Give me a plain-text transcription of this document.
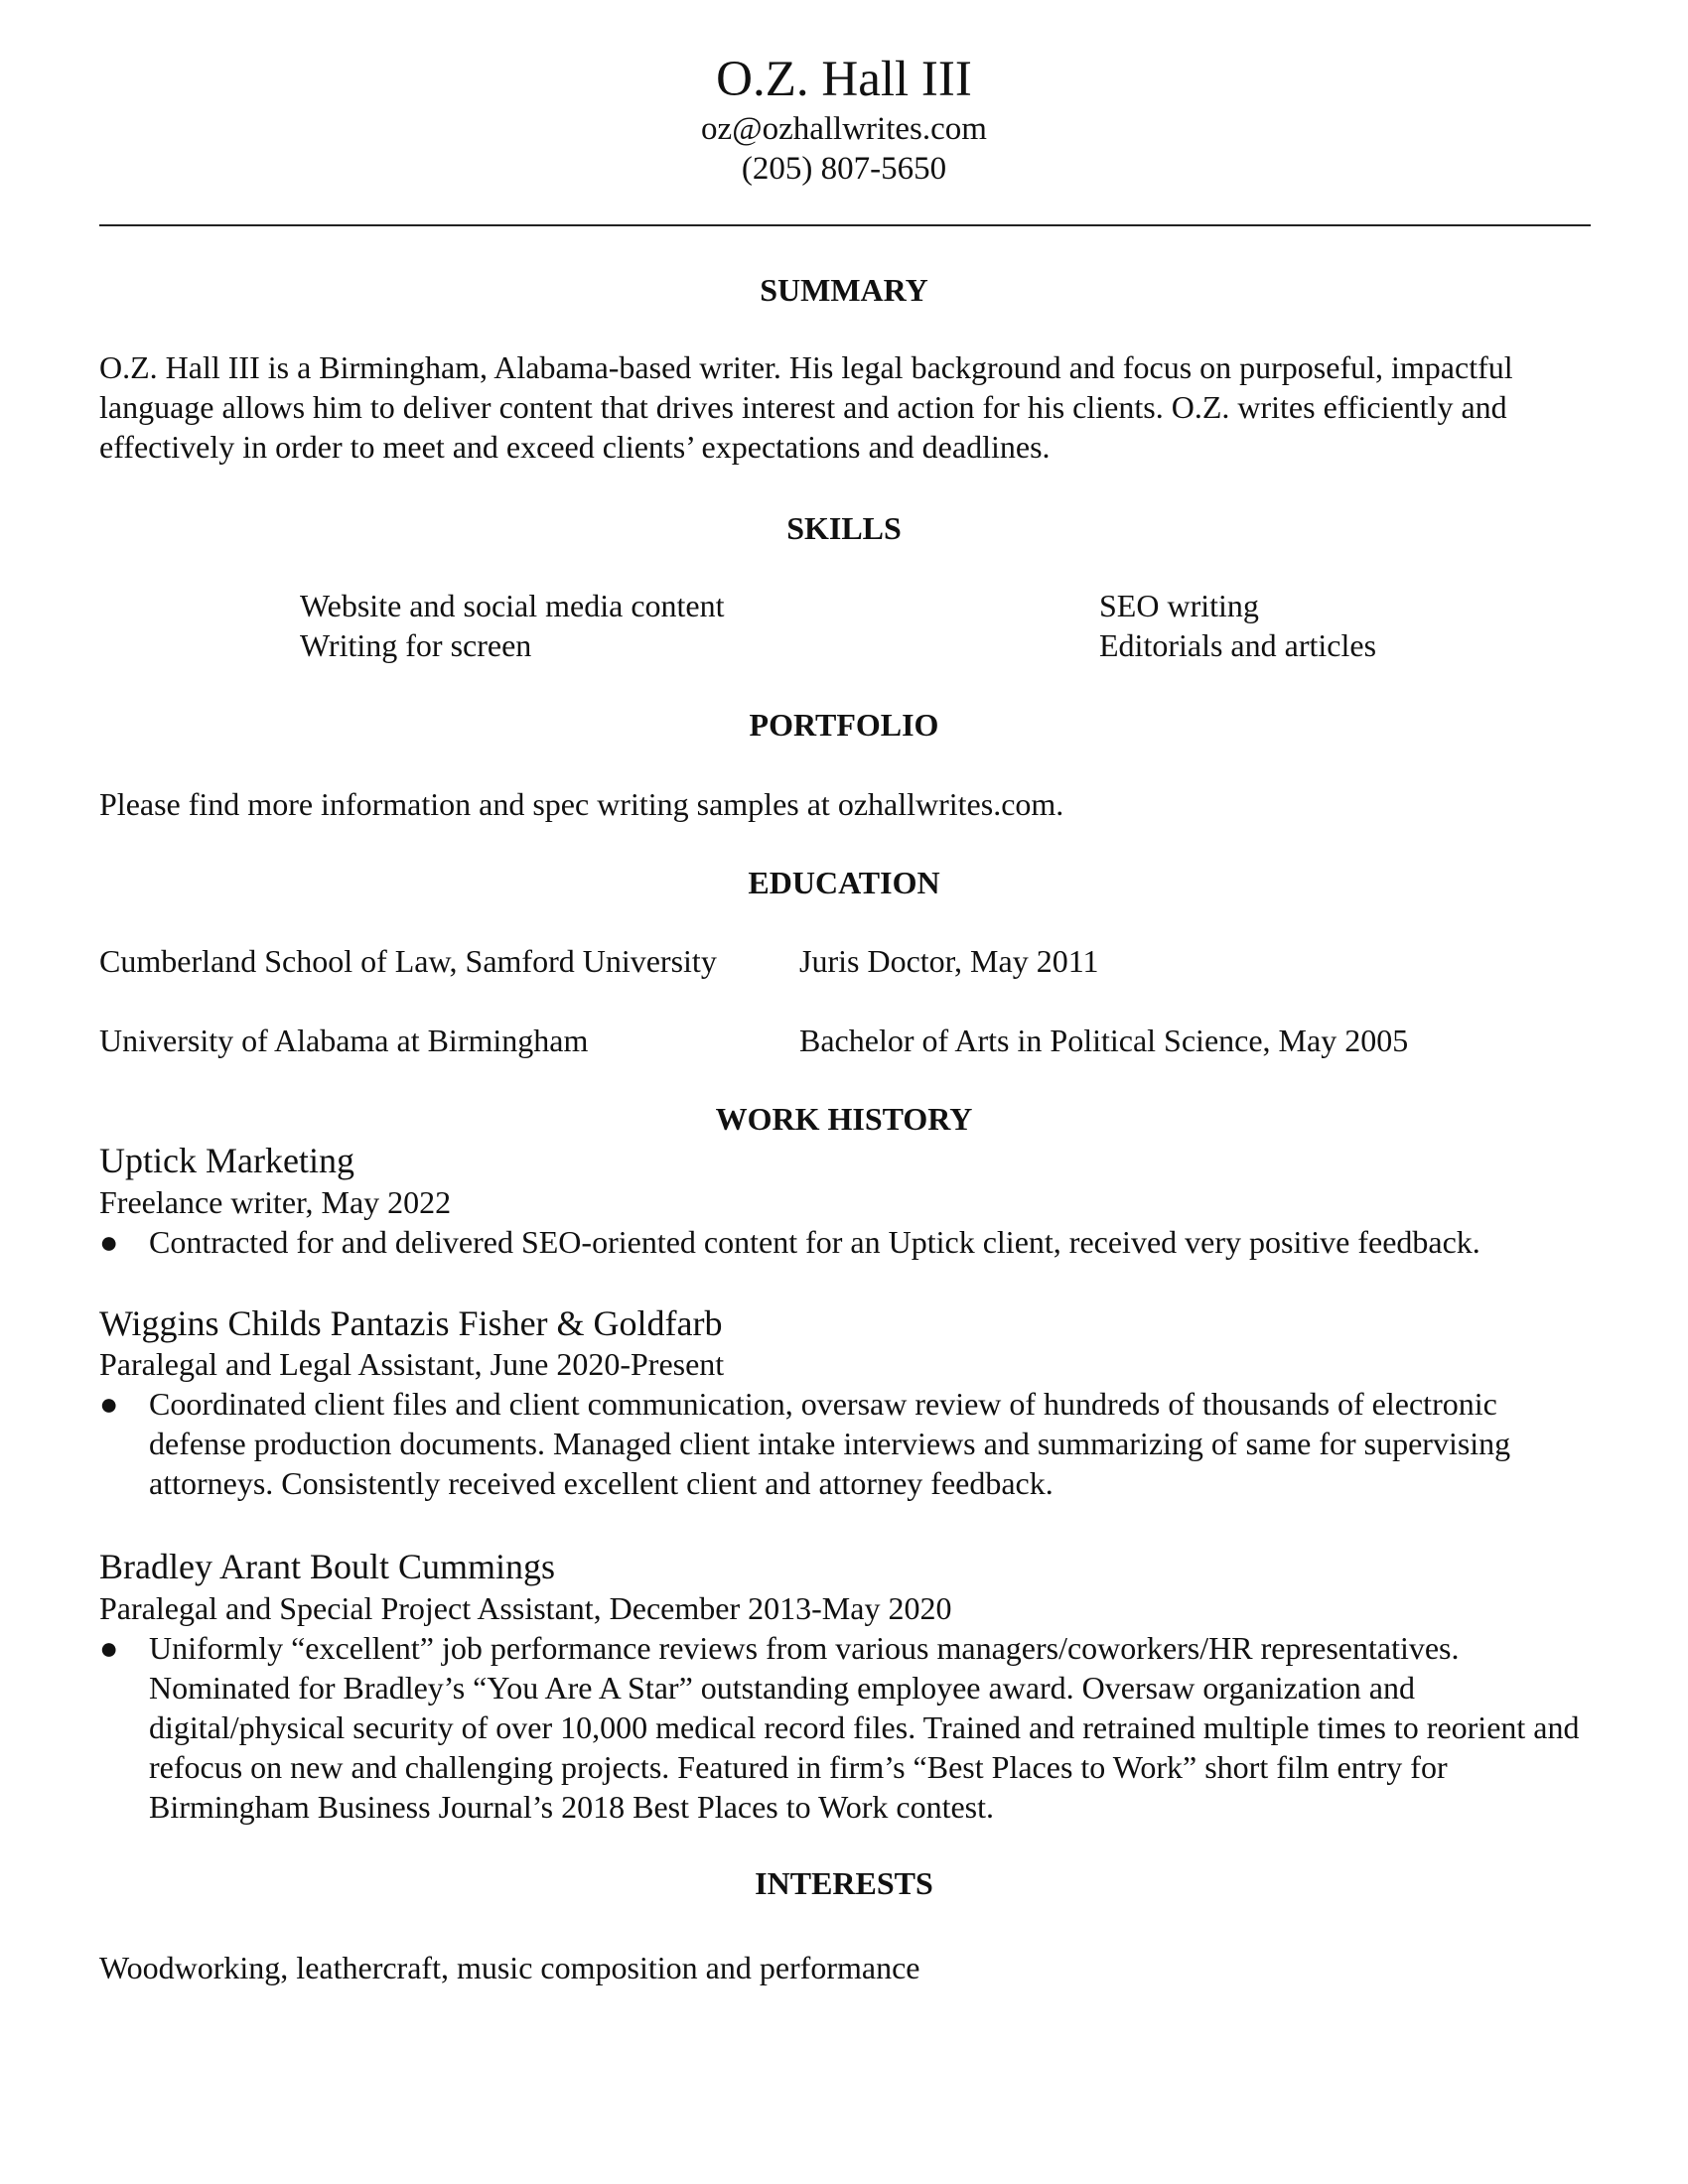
O.Z. Hall III
oz@ozhallwrites.com
(205) 807-5650
SUMMARY
O.Z. Hall III is a Birmingham, Alabama-based writer. His legal background and focus on purposeful, impactful language allows him to deliver content that drives interest and action for his clients. O.Z. writes efficiently and effectively in order to meet and exceed clients’ expectations and deadlines.
SKILLS
Website and social media content	SEO writing
Writing for screen	Editorials and articles
PORTFOLIO
Please find more information and spec writing samples at ozhallwrites.com.
EDUCATION
Cumberland School of Law, Samford University	Juris Doctor, May 2011
University of Alabama at Birmingham	Bachelor of Arts in Political Science, May 2005
WORK HISTORY
Uptick Marketing
Freelance writer, May 2022
● Contracted for and delivered SEO-oriented content for an Uptick client, received very positive feedback.
Wiggins Childs Pantazis Fisher & Goldfarb
Paralegal and Legal Assistant, June 2020-Present
● Coordinated client files and client communication, oversaw review of hundreds of thousands of electronic defense production documents. Managed client intake interviews and summarizing of same for supervising attorneys. Consistently received excellent client and attorney feedback.
Bradley Arant Boult Cummings
Paralegal and Special Project Assistant, December 2013-May 2020
● Uniformly “excellent” job performance reviews from various managers/coworkers/HR representatives. Nominated for Bradley’s “You Are A Star” outstanding employee award. Oversaw organization and digital/physical security of over 10,000 medical record files. Trained and retrained multiple times to reorient and refocus on new and challenging projects. Featured in firm’s “Best Places to Work” short film entry for Birmingham Business Journal’s 2018 Best Places to Work contest.
INTERESTS
Woodworking, leathercraft, music composition and performance
